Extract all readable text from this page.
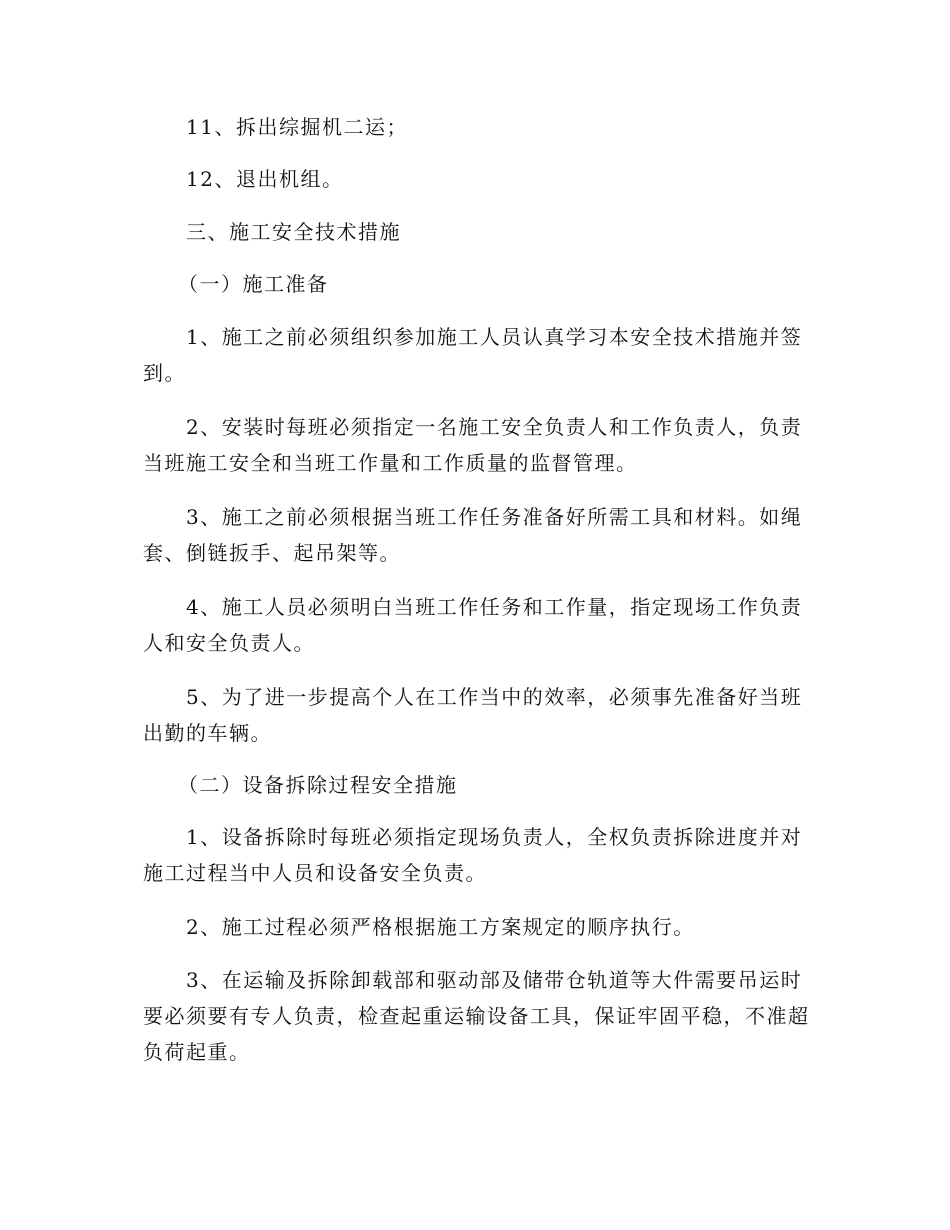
11、拆出综掘机二运；

12、退出机组。

三、施工安全技术措施

（一）施工准备

1、施工之前必须组织参加施工人员认真学习本安全技术措施并签到。

2、安装时每班必须指定一名施工安全负责人和工作负责人，负责当班施工安全和当班工作量和工作质量的监督管理。

3、施工之前必须根据当班工作任务准备好所需工具和材料。如绳套、倒链扳手、起吊架等。

4、施工人员必须明白当班工作任务和工作量，指定现场工作负责人和安全负责人。

5、为了进一步提高个人在工作当中的效率，必须事先准备好当班出勤的车辆。

（二）设备拆除过程安全措施

1、设备拆除时每班必须指定现场负责人，全权负责拆除进度并对施工过程当中人员和设备安全负责。

2、施工过程必须严格根据施工方案规定的顺序执行。

3、在运输及拆除卸载部和驱动部及储带仓轨道等大件需要吊运时要必须要有专人负责，检查起重运输设备工具，保证牢固平稳，不准超负荷起重。
